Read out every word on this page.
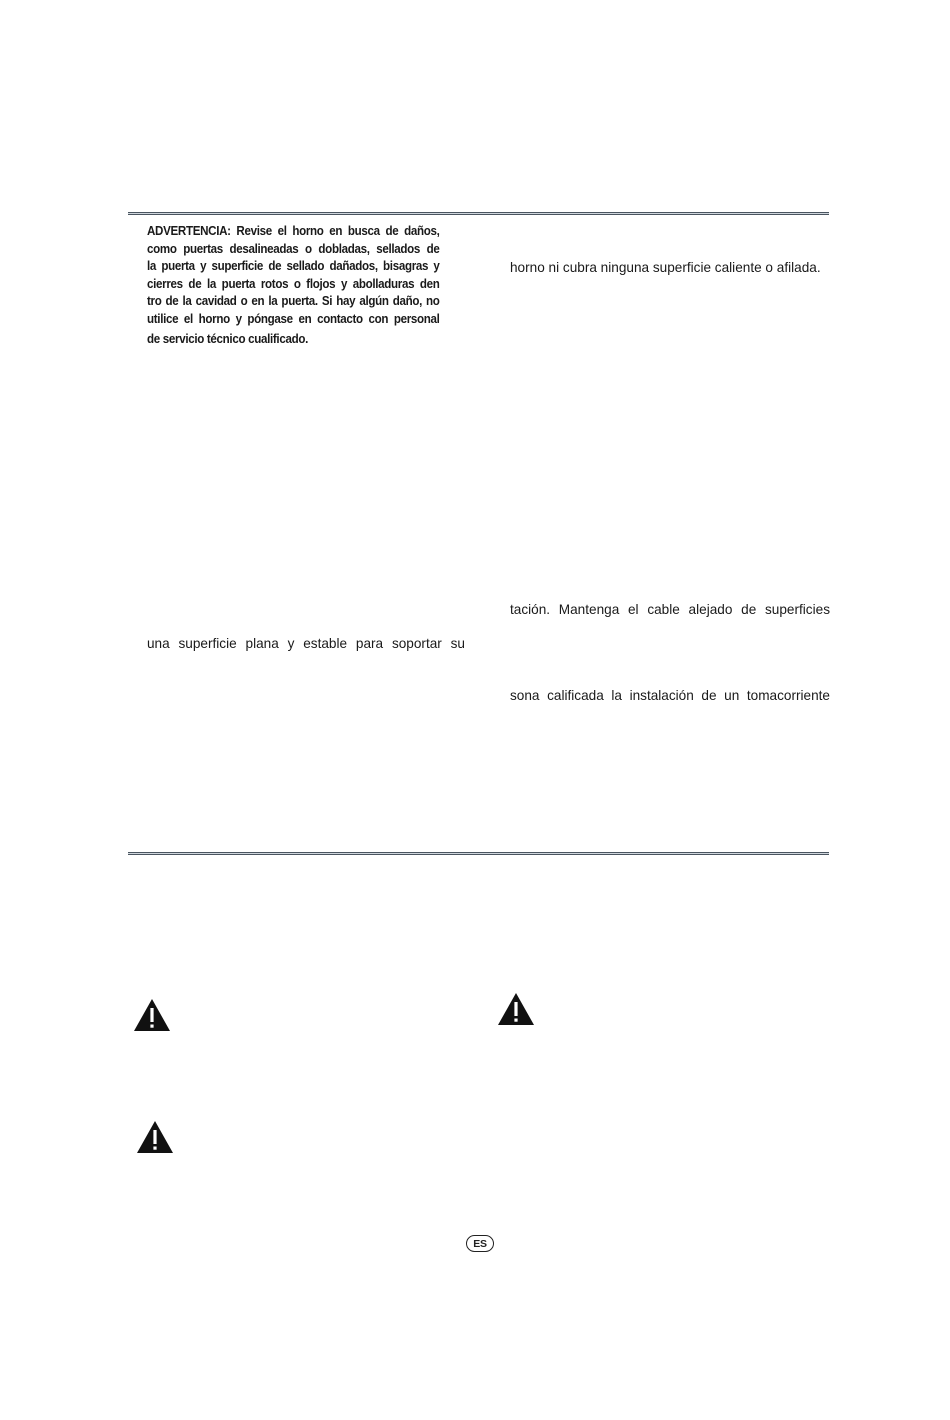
ADVERTENCIA: Revise el horno en busca de daños,
como puertas desalineadas o dobladas, sellados de
la puerta y superficie de sellado dañados, bisagras y
cierres de la puerta rotos o flojos y abolladuras den
tro de la cavidad o en la puerta. Si hay algún daño, no
utilice el horno y póngase en contacto con personal
de servicio técnico cualificado.
horno ni cubra ninguna superficie caliente o afilada.
tación. Mantenga el cable alejado de superficies
una superficie plana y estable para soportar su
sona calificada la instalación de un tomacorriente
ES
